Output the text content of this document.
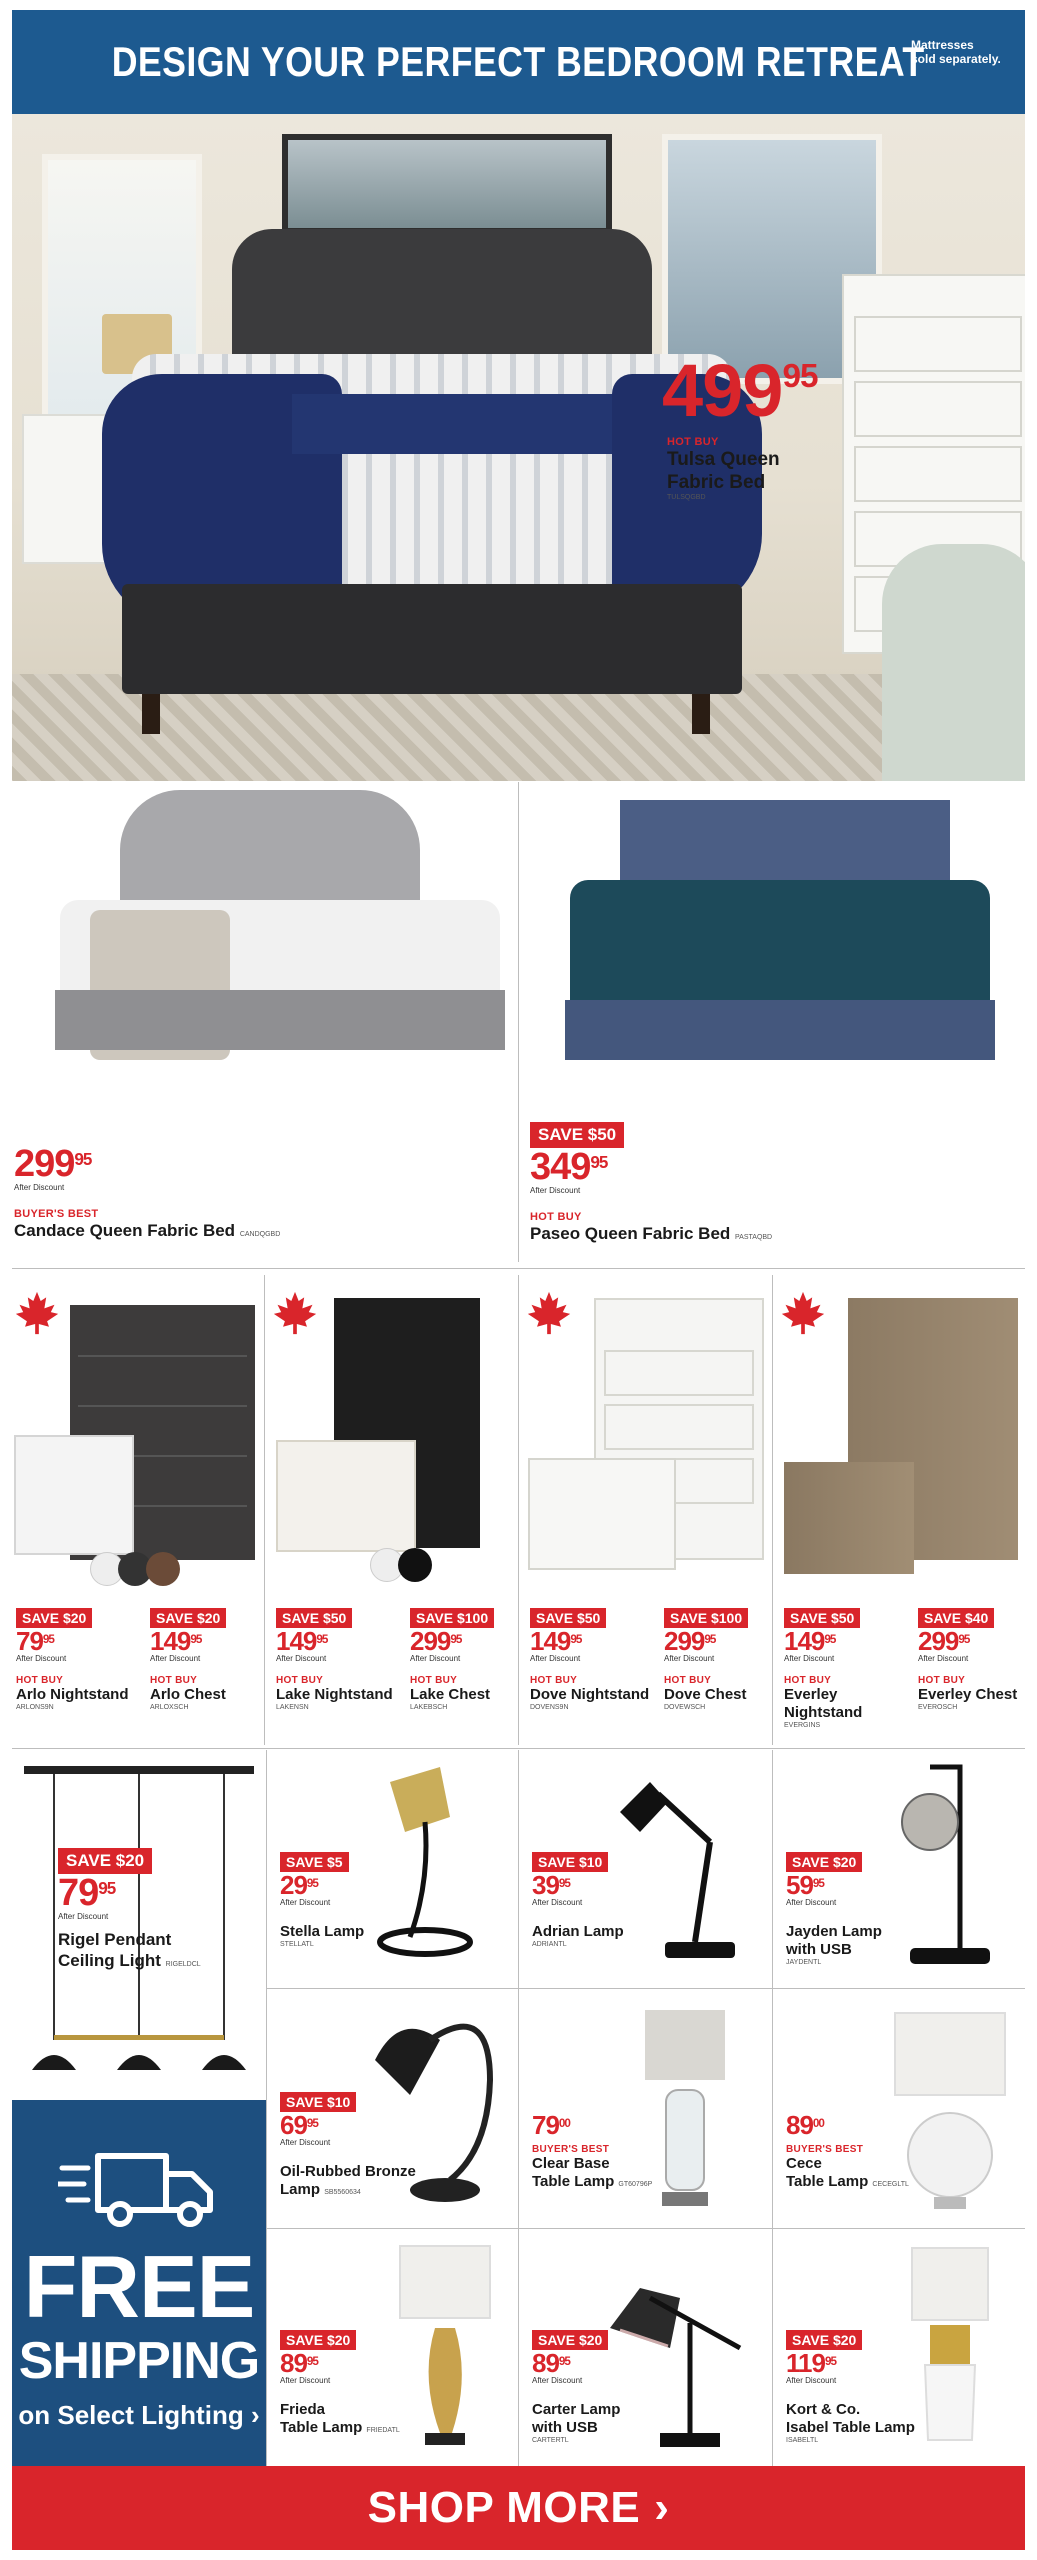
DESIGN YOUR PERFECT BEDROOM RETREAT
Mattresses sold separately.
$499^{95}$
HOT BUY
Tulsa Queen
Fabric Bed
TULSQGBD
$299^{95}$
After Discount
BUYER'S BEST
Candace Queen Fabric Bed CANDQGBD
SAVE $50
$349^{95}$
After Discount
HOT BUY
Paseo Queen Fabric Bed PASTAQBD
SAVE $20
$79^{95}$
After Discount
HOT BUY
Arlo Nightstand
ARLONS9N
SAVE $20
$149^{95}$
After Discount
HOT BUY
Arlo Chest
ARLOXSCH
SAVE $50
$149^{95}$
After Discount
HOT BUY
Lake Nightstand
LAKENSN
SAVE $100
$299^{95}$
After Discount
HOT BUY
Lake Chest
LAKEBSCH
SAVE $50
$149^{95}$
After Discount
HOT BUY
Dove Nightstand
DOVENS9N
SAVE $100
$299^{95}$
After Discount
HOT BUY
Dove Chest
DOVEWSCH
SAVE $50
$149^{95}$
After Discount
HOT BUY
Everley Nightstand
EVERGINS
SAVE $40
$299^{95}$
After Discount
HOT BUY
Everley Chest
EVEROSCH
SAVE $20
$79^{95}$
After Discount
Rigel Pendant
Ceiling Light RIGELDCL
FREE
SHIPPING
on Select Lighting ›
SAVE $5
$29^{95}$
After Discount
Stella Lamp
STELLATL
SAVE $10
$39^{95}$
After Discount
Adrian Lamp
ADRIANTL
SAVE $20
$59^{95}$
After Discount
Jayden Lamp
with USB
JAYDENTL
SAVE $10
$69^{95}$
After Discount
Oil-Rubbed Bronze
Lamp SB5560634
$79^{00}$
BUYER'S BEST
Clear Base
Table Lamp GT60796P
$89^{00}$
BUYER'S BEST
Cece
Table Lamp CECEGLTL
SAVE $20
$89^{95}$
After Discount
Frieda
Table Lamp FRIEDATL
SAVE $20
$89^{95}$
After Discount
Carter Lamp
with USB
CARTERTL
SAVE $20
$119^{95}$
After Discount
Kort & Co.
Isabel Table Lamp
ISABELTL
SHOP MORE ›
